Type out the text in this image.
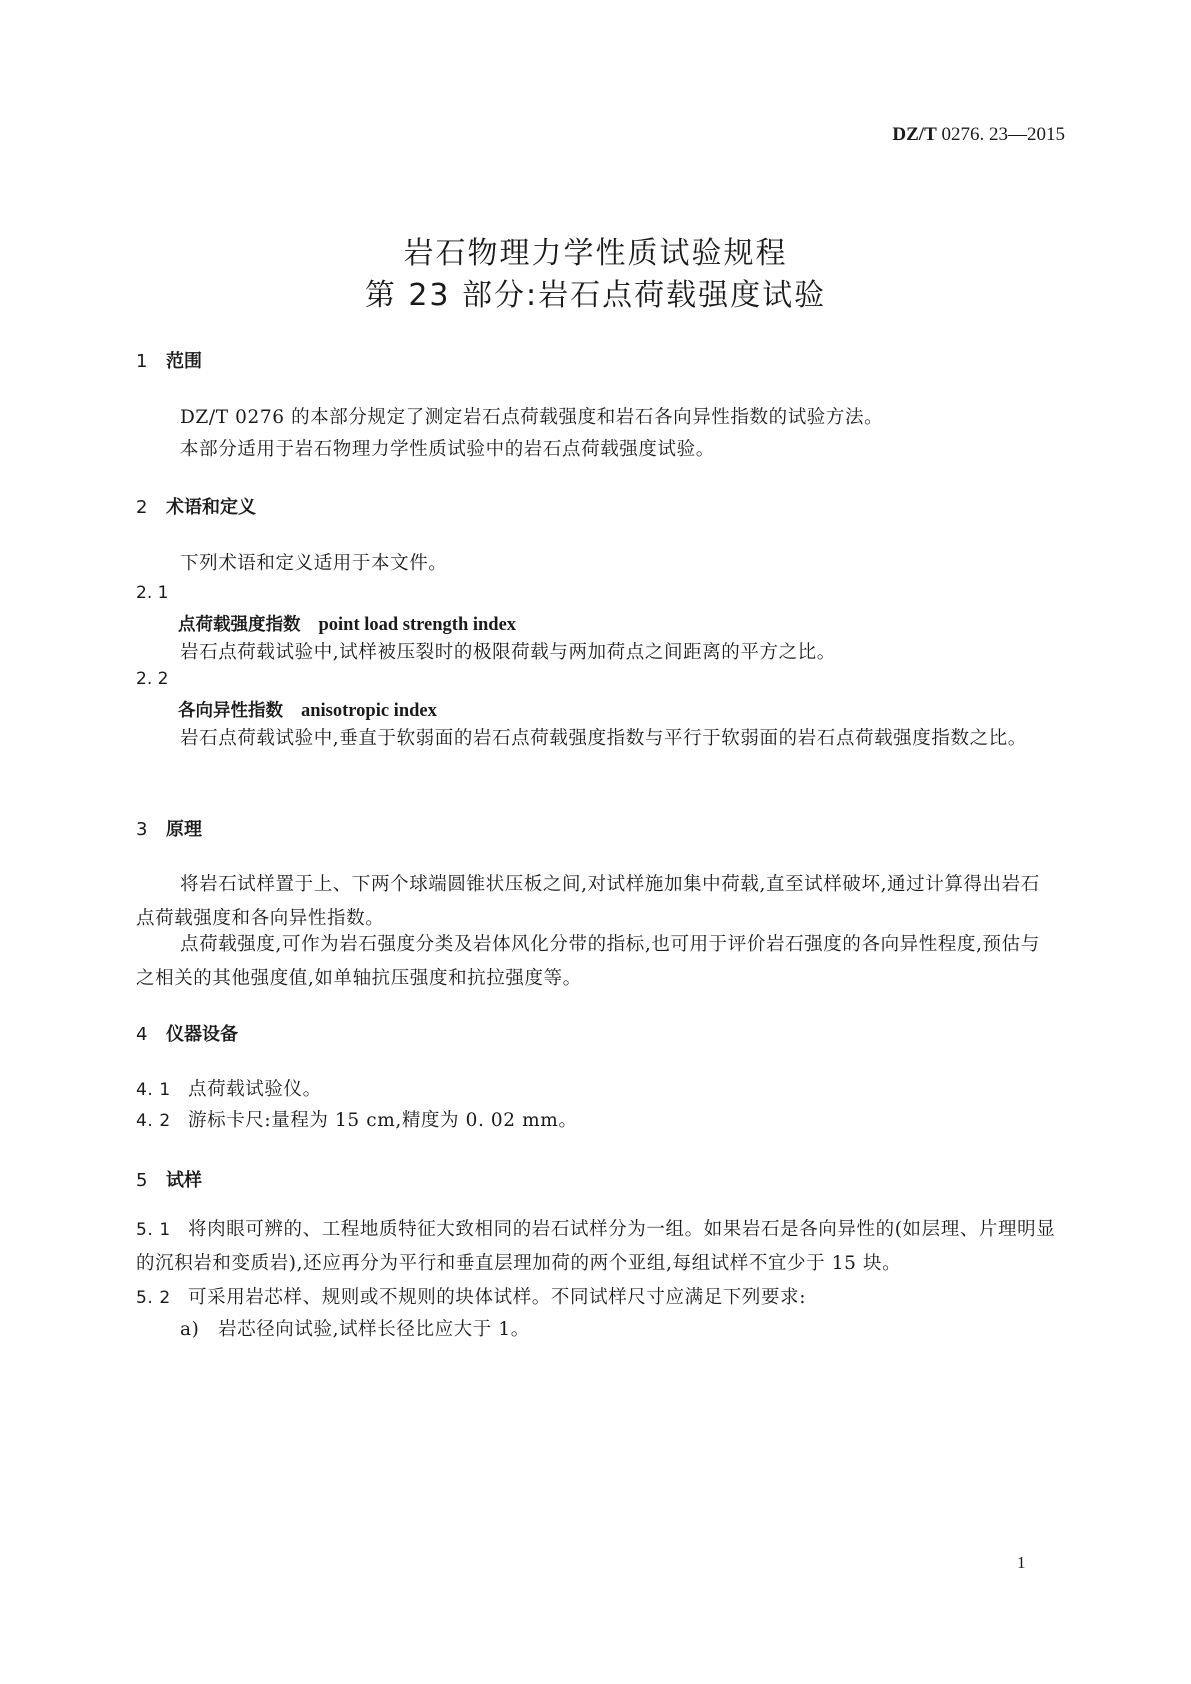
DZ/T 0276. 23—2015
岩石物理力学性质试验规程
第 23 部分:岩石点荷载强度试验
1 范围
DZ/T 0276 的本部分规定了测定岩石点荷载强度和岩石各向异性指数的试验方法。
本部分适用于岩石物理力学性质试验中的岩石点荷载强度试验。
2 术语和定义
下列术语和定义适用于本文件。
2. 1
点荷载强度指数 point load strength index
岩石点荷载试验中,试样被压裂时的极限荷载与两加荷点之间距离的平方之比。
2. 2
各向异性指数 anisotropic index
岩石点荷载试验中,垂直于软弱面的岩石点荷载强度指数与平行于软弱面的岩石点荷载强度指数之比。
3 原理
将岩石试样置于上、下两个球端圆锥状压板之间,对试样施加集中荷载,直至试样破坏,通过计算得出岩石点荷载强度和各向异性指数。
点荷载强度,可作为岩石强度分类及岩体风化分带的指标,也可用于评价岩石强度的各向异性程度,预估与之相关的其他强度值,如单轴抗压强度和抗拉强度等。
4 仪器设备
4. 1 点荷载试验仪。
4. 2 游标卡尺:量程为 15 cm,精度为 0. 02 mm。
5 试样
5. 1 将肉眼可辨的、工程地质特征大致相同的岩石试样分为一组。如果岩石是各向异性的(如层理、片理明显的沉积岩和变质岩),还应再分为平行和垂直层理加荷的两个亚组,每组试样不宜少于 15 块。
5. 2 可采用岩芯样、规则或不规则的块体试样。不同试样尺寸应满足下列要求:
a) 岩芯径向试验,试样长径比应大于 1。
1
